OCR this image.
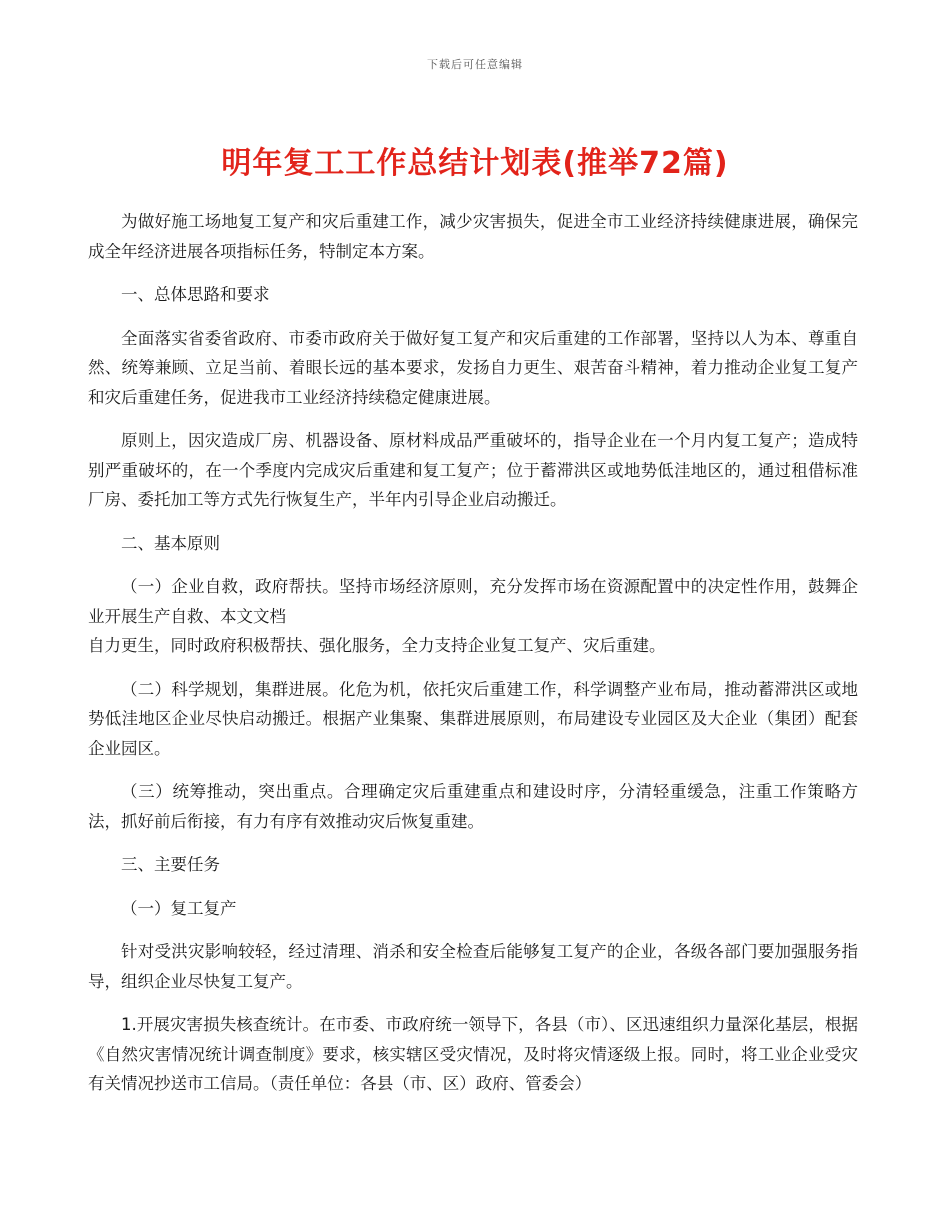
下载后可任意编辑
明年复工工作总结计划表(推举72篇)

为做好施工场地复工复产和灾后重建工作，减少灾害损失，促进全市工业经济持续健康进展，确保完成全年经济进展各项指标任务，特制定本方案。

一、总体思路和要求

全面落实省委省政府、市委市政府关于做好复工复产和灾后重建的工作部署，坚持以人为本、尊重自然、统筹兼顾、立足当前、着眼长远的基本要求，发扬自力更生、艰苦奋斗精神，着力推动企业复工复产和灾后重建任务，促进我市工业经济持续稳定健康进展。

原则上，因灾造成厂房、机器设备、原材料成品严重破坏的，指导企业在一个月内复工复产；造成特别严重破坏的，在一个季度内完成灾后重建和复工复产；位于蓄滞洪区或地势低洼地区的，通过租借标准厂房、委托加工等方式先行恢复生产，半年内引导企业启动搬迁。

二、基本原则

（一）企业自救，政府帮扶。坚持市场经济原则，充分发挥市场在资源配置中的决定性作用，鼓舞企业开展生产自救、本文文档
自力更生，同时政府积极帮扶、强化服务，全力支持企业复工复产、灾后重建。

（二）科学规划，集群进展。化危为机，依托灾后重建工作，科学调整产业布局，推动蓄滞洪区或地势低洼地区企业尽快启动搬迁。根据产业集聚、集群进展原则，布局建设专业园区及大企业（集团）配套企业园区。

（三）统筹推动，突出重点。合理确定灾后重建重点和建设时序，分清轻重缓急，注重工作策略方法，抓好前后衔接，有力有序有效推动灾后恢复重建。

三、主要任务

（一）复工复产

针对受洪灾影响较轻，经过清理、消杀和安全检查后能够复工复产的企业，各级各部门要加强服务指导，组织企业尽快复工复产。

1.开展灾害损失核查统计。在市委、市政府统一领导下，各县（市）、区迅速组织力量深化基层，根据《自然灾害情况统计调查制度》要求，核实辖区受灾情况，及时将灾情逐级上报。同时，将工业企业受灾有关情况抄送市工信局。（责任单位：各县（市、区）政府、管委会）
